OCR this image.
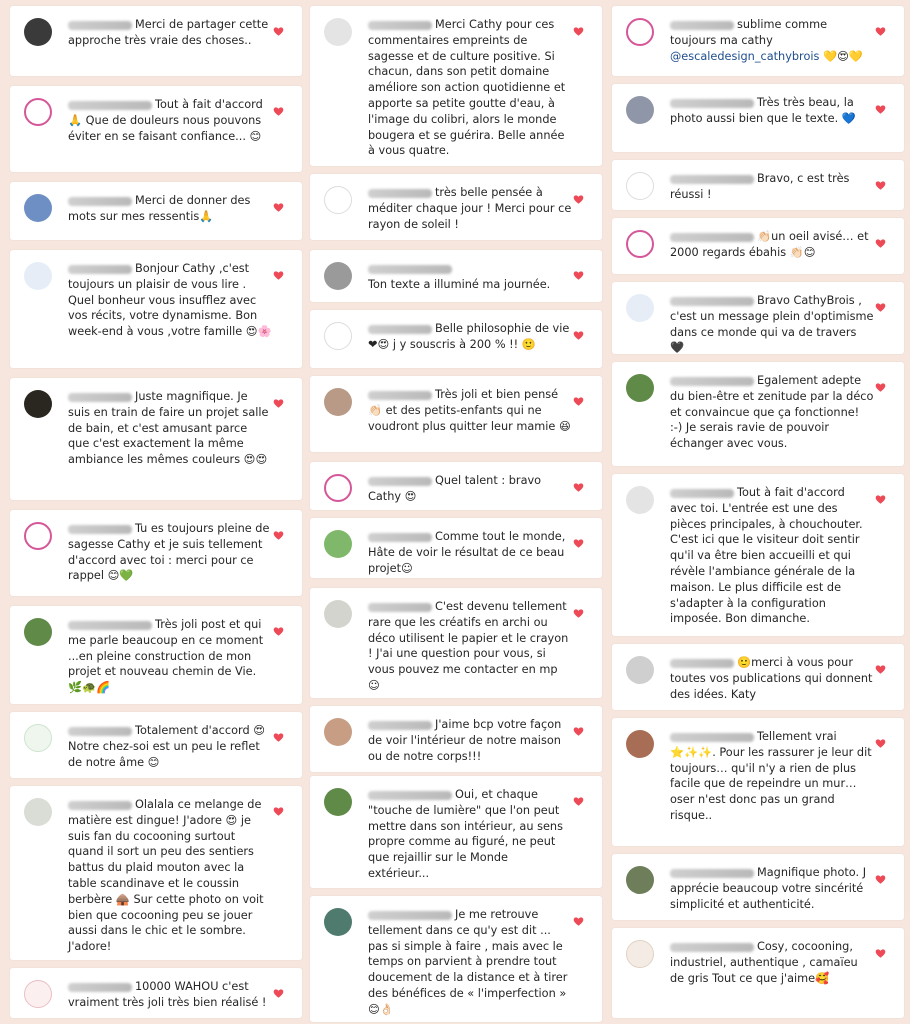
Merci de partager cette approche très vraie des choses..
Tout à fait d'accord 🙏 Que de douleurs nous pouvons éviter en se faisant confiance... 😊
Merci de donner des mots sur mes ressentis🙏
Bonjour Cathy ,c'est toujours un plaisir de vous lire . Quel bonheur vous insufflez avec vos récits, votre dynamisme. Bon week-end à vous ,votre famille 😍🌸
Juste magnifique. Je suis en train de faire un projet salle de bain, et c'est amusant parce que c'est exactement la même ambiance les mêmes couleurs 😍😍
Tu es toujours pleine de sagesse Cathy et je suis tellement d'accord avec toi : merci pour ce rappel 😊💚
Très joli post et qui me parle beaucoup en ce moment ...en pleine construction de mon projet et nouveau chemin de Vie. 🌿🐢🌈
Totalement d'accord 😍Notre chez-soi est un peu le reflet de notre âme 😊
Olalala ce melange de matière est dingue! J'adore 😍 je suis fan du cocooning surtout quand il sort un peu des sentiers battus du plaid mouton avec la table scandinave et le coussin berbère 🛖 Sur cette photo on voit bien que cocooning peu se jouer aussi dans le chic et le sombre. J'adore!
10000 WAHOU c'est vraiment très joli très bien réalisé !
Merci Cathy pour ces commentaires empreints de sagesse et de culture positive. Si chacun, dans son petit domaine améliore son action quotidienne et apporte sa petite goutte d'eau, à l'image du colibri, alors le monde bougera et se guérira. Belle année à vous quatre.
très belle pensée à méditer chaque jour ! Merci pour ce rayon de soleil !

Ton texte a illuminé ma journée.
Belle philosophie de vie ❤😍 j y souscris à 200 % !! 🙂
Très joli et bien pensé 👏🏻 et des petits-enfants qui ne voudront plus quitter leur mamie 😆
Quel talent : bravo Cathy 😍
Comme tout le monde, Hâte de voir le résultat de ce beau projet☺
C'est devenu tellement rare que les créatifs en archi ou déco utilisent le papier et le crayon ! J'ai une question pour vous, si vous pouvez me contacter en mp ☺
J'aime bcp votre façon de voir l'intérieur de notre maison ou de notre corps!!!
Oui, et chaque "touche de lumière" que l'on peut mettre dans son intérieur, au sens propre comme au figuré, ne peut que rejaillir sur le Monde extérieur...
Je me retrouve tellement dans ce qu'y est dit ... pas si simple à faire , mais avec le temps on parvient à prendre tout doucement de la distance et à tirer des bénéfices de « l'imperfection » 😊👌🏻
sublime comme toujours ma cathy @escaledesign_cathybrois 💛😍💛
Très très beau, la photo aussi bien que le texte. 💙
Bravo, c est très réussi !
👏🏻un oeil avisé… et 2000 regards ébahis 👏🏻😊
Bravo CathyBrois , c'est un message plein d'optimisme dans ce monde qui va de travers 🖤
Egalement adepte du bien-être et zenitude par la déco et convaincue que ça fonctionne! :-) Je serais ravie de pouvoir échanger avec vous.
Tout à fait d'accord avec toi. L'entrée est une des pièces principales, à chouchouter. C'est ici que le visiteur doit sentir qu'il va être bien accueilli et qui révèle l'ambiance générale de la maison. Le plus difficile est de s'adapter à la configuration imposée. Bon dimanche.
🙂merci à vous pour toutes vos publications qui donnent des idées. Katy
Tellement vrai ⭐✨✨. Pour les rassurer je leur dit toujours… qu'il n'y a rien de plus facile que de repeindre un mur… oser n'est donc pas un grand risque..
Magnifique photo. J apprécie beaucoup votre sincérité simplicité et authenticité.
Cosy, cocooning, industriel, authentique , camaïeu de gris Tout ce que j'aime🥰
